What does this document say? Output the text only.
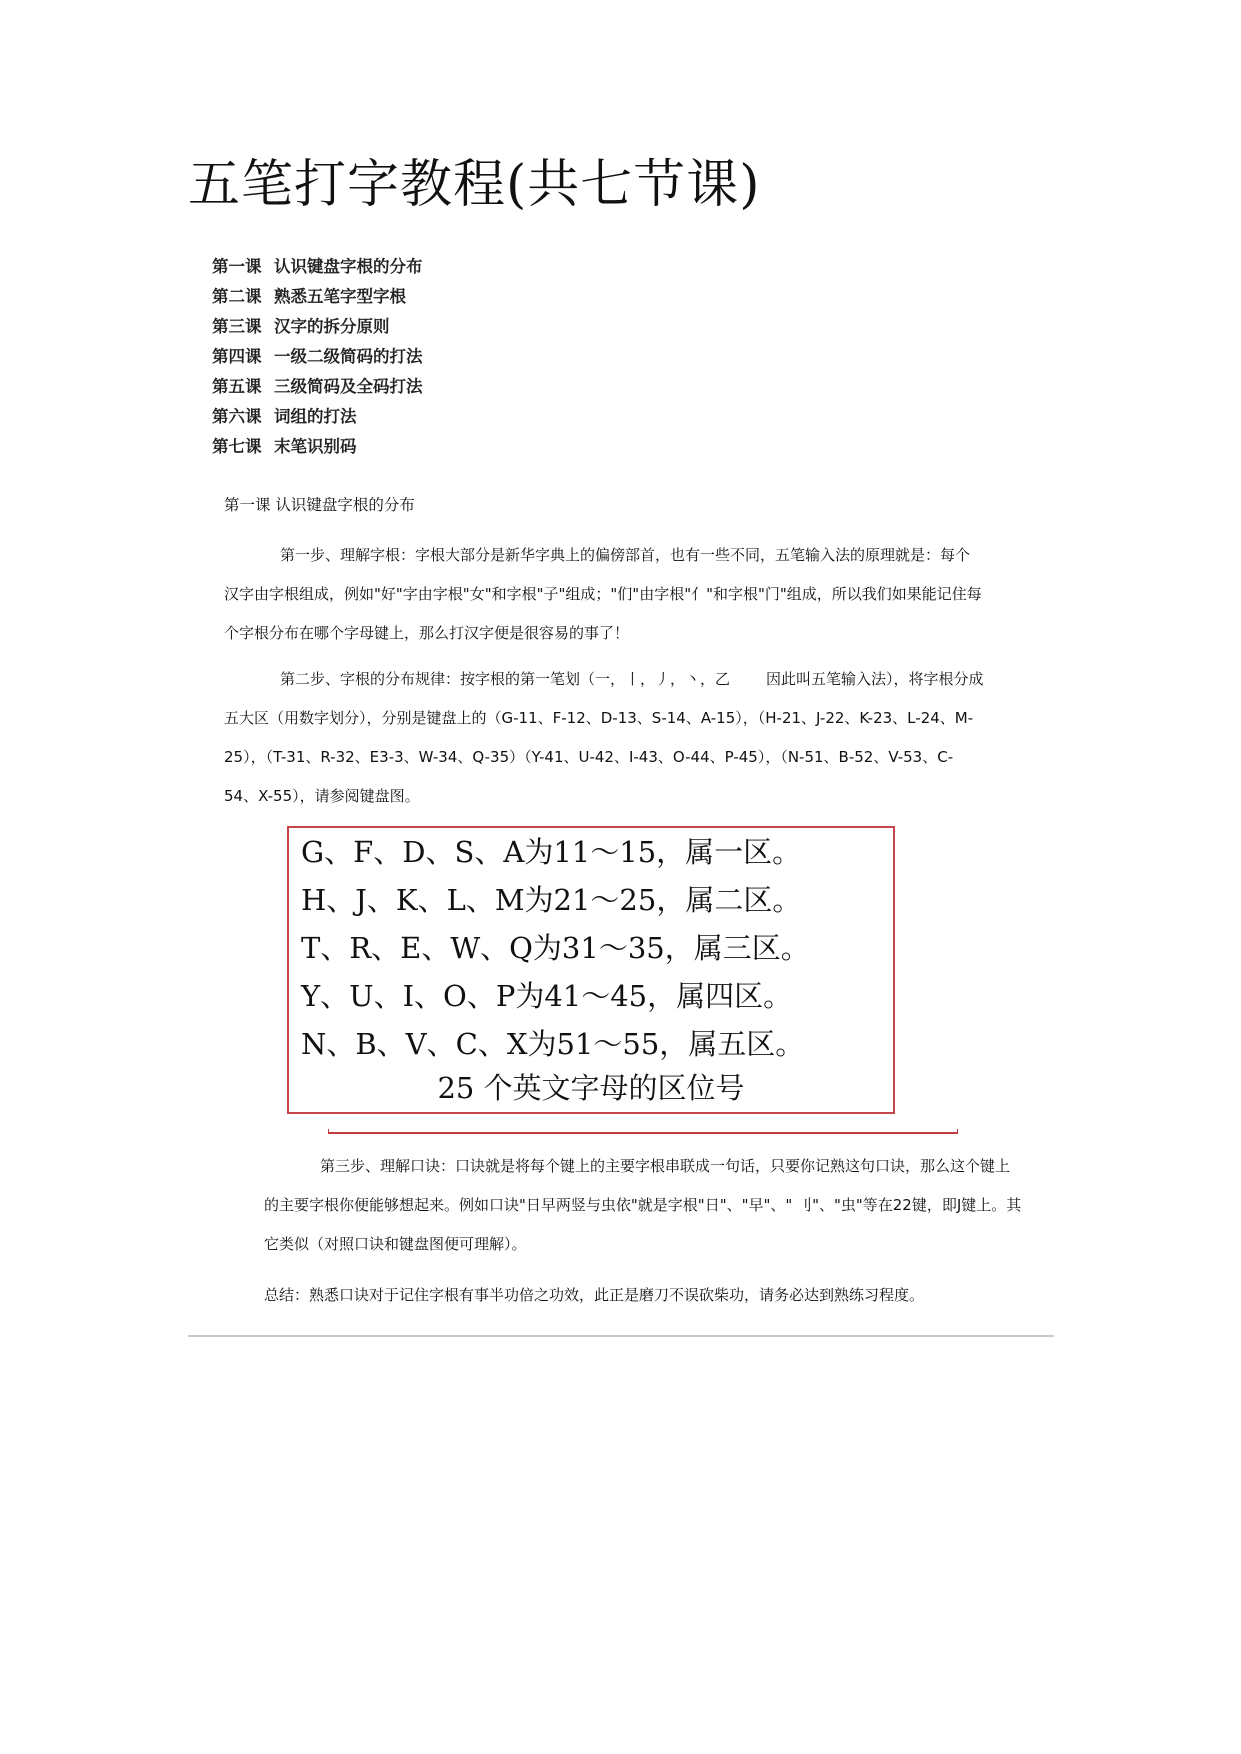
五笔打字教程(共七节课)
第一课 认识键盘字根的分布
第二课 熟悉五笔字型字根
第三课 汉字的拆分原则
第四课 一级二级简码的打法
第五课 三级简码及全码打法
第六课 词组的打法
第七课 末笔识别码
第一课 认识键盘字根的分布

第一步、理解字根：字根大部分是新华字典上的偏傍部首，也有一些不同，五笔输入法的原理就是：每个汉字由字根组成，例如"好"字由字根"女"和字根"子"组成；"们"由字根"亻"和字根"门"组成，所以我们如果能记住每个字根分布在哪个字母键上，那么打汉字便是很容易的事了！

第二步、字根的分布规律：按字根的第一笔划（一，丨，丿，丶，乙 因此叫五笔输入法），将字根分成五大区（用数字划分），分别是键盘上的（G-11、F-12、D-13、S-14、A-15），（H-21、J-22、K-23、L-24、M-25），（T-31、R-32、E3-3、W-34、Q-35）（Y-41、U-42、I-43、O-44、P-45），（N-51、B-52、V-53、C-54、X-55），请参阅键盘图。

G、F、D、S、A为11～15，属一区。
H、J、K、L、M为21～25，属二区。
T、R、E、W、Q为31～35，属三区。
Y、U、I、O、P为41～45，属四区。
N、B、V、C、X为51～55，属五区。
25 个英文字母的区位号

第三步、理解口诀：口诀就是将每个键上的主要字根串联成一句话，只要你记熟这句口诀，那么这个键上的主要字根你便能够想起来。例如口诀"日早两竖与虫依"就是字根"日"、"早"、" 刂"、"虫"等在22键，即J键上。其它类似（对照口诀和键盘图便可理解）。

总结：熟悉口诀对于记住字根有事半功倍之功效，此正是磨刀不误砍柴功，请务必达到熟练习程度。
